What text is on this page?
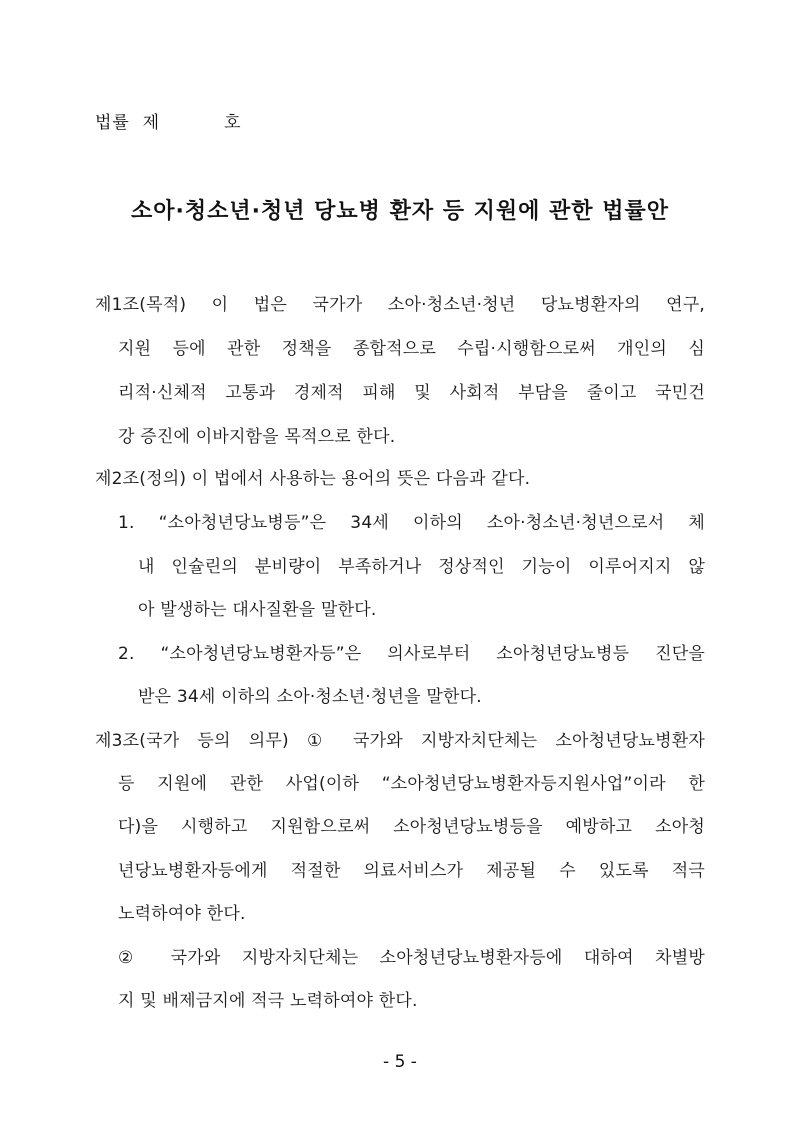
법률  제          호
소아·청소년·청년 당뇨병 환자 등 지원에 관한 법률안
제1조(목적) 이 법은 국가가 소아·청소년·청년 당뇨병환자의 연구,
지원 등에 관한 정책을 종합적으로 수립·시행함으로써 개인의 심
리적·신체적 고통과 경제적 피해 및 사회적 부담을 줄이고 국민건
강 증진에 이바지함을 목적으로 한다.
제2조(정의) 이 법에서 사용하는 용어의 뜻은 다음과 같다.
1. “소아청년당뇨병등”은 34세 이하의 소아·청소년·청년으로서 체
내 인슐린의 분비량이 부족하거나 정상적인 기능이 이루어지지 않
아 발생하는 대사질환을 말한다.
2. “소아청년당뇨병환자등”은 의사로부터 소아청년당뇨병등 진단을
받은 34세 이하의 소아·청소년·청년을 말한다.
제3조(국가 등의 의무) ① 국가와 지방자치단체는 소아청년당뇨병환자
등 지원에 관한 사업(이하 “소아청년당뇨병환자등지원사업”이라 한
다)을 시행하고 지원함으로써 소아청년당뇨병등을 예방하고 소아청
년당뇨병환자등에게 적절한 의료서비스가 제공될 수 있도록 적극
노력하여야 한다.
② 국가와 지방자치단체는 소아청년당뇨병환자등에 대하여 차별방
지 및 배제금지에 적극 노력하여야 한다.
- 5 -
